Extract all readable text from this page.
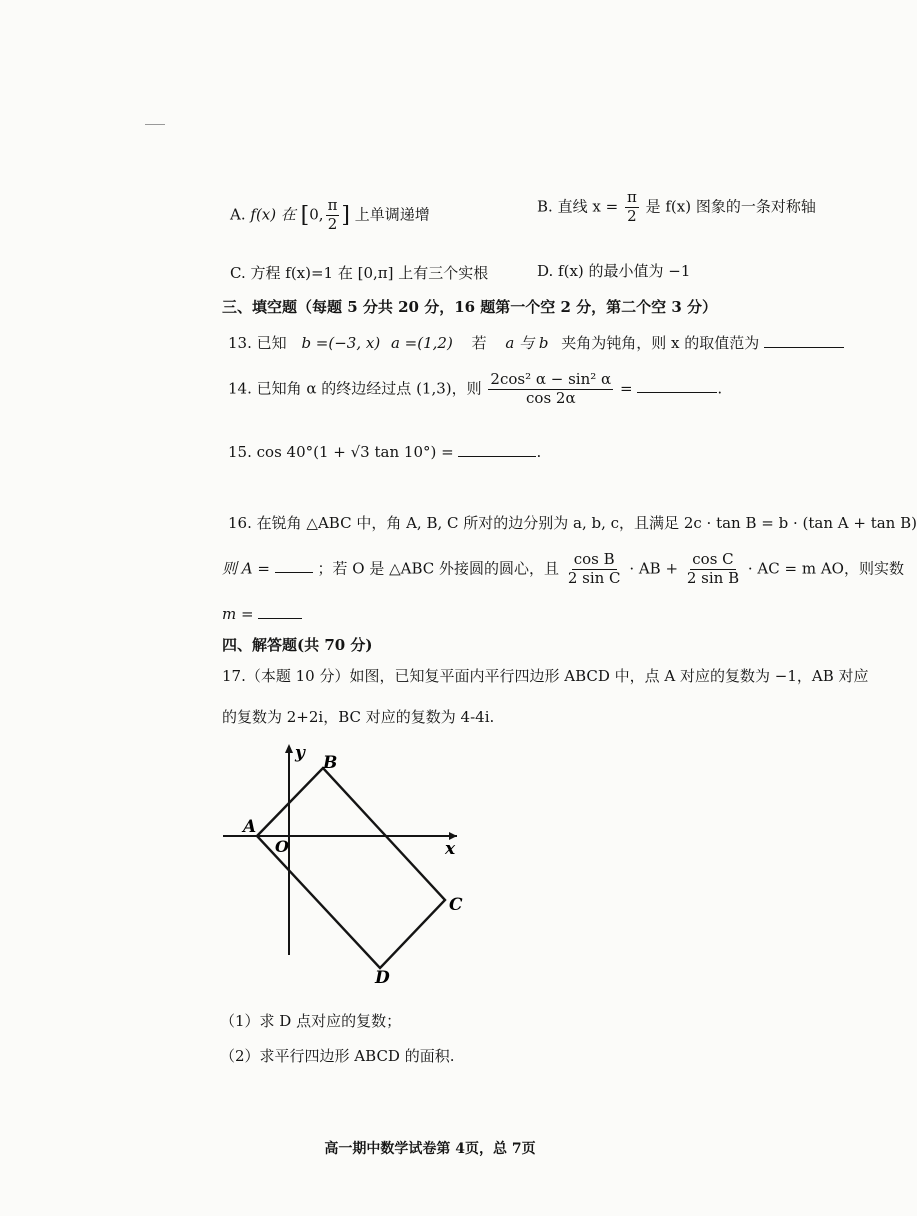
A. f(x) 在 [0, $\frac{\pi}{2}$ ] 上单调递增	B. 直线 $x = \frac{\pi}{2}$ 是 f(x) 图象的一条对称轴
C. 方程 f(x)=1 在 [0,π] 上有三个实根	D. f(x) 的最小值为 −1
三、填空题（每题 5 分共 20 分，16 题第一个空 2 分，第二个空 3 分）
13. 已知 b =(−3, x) a =(1,2) 若 a 与 b 夹角为钝角，则 x 的取值范为
14. 已知角 α 的终边经过点 (1,3)，则 $\frac{\text{2cos² α − sin² α}}{\cos 2\alpha}$ =	.
15. cos 40°(1 + √3 tan 10°) =	.
16. 在锐角 △ABC 中，角 A, B, C 所对的边分别为 a, b, c，且满足 2c · tan B = b · (tan A + tan B)
则 A =	；若 O 是 △ABC 外接圆的圆心，且 $\frac{\text{cos B}}{\text{2 sin C}}$ · AB + $\frac{\text{cos C}}{\text{2 sin B}}$ · AC = m AO，则实数
m =
四、解答题(共 70 分)
17.（本题 10 分）如图，已知复平面内平行四边形 ABCD 中，点 A 对应的复数为 −1，AB 对应
的复数为 2+2i，BC 对应的复数为 4-4i.
A
B
C
D
O	x
y
（1）求 D 点对应的复数；
（2）求平行四边形 ABCD 的面积.
高一期中数学试卷第 4页，总 7页
